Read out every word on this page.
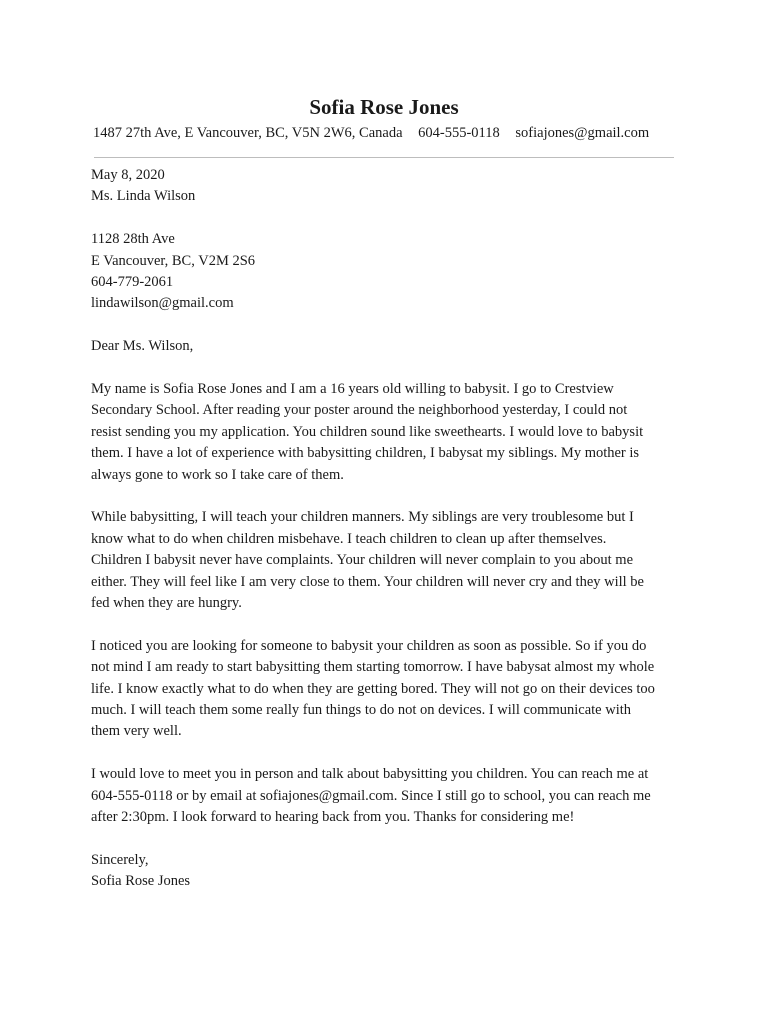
Sofia Rose Jones
1487 27th Ave, E Vancouver, BC, V5N 2W6, Canada 604-555-0118 sofiajones@gmail.com

May 8, 2020

Ms. Linda Wilson

1128 28th Ave

E Vancouver, BC, V2M 2S6

604-779-2061

lindawilson@gmail.com

Dear Ms. Wilson,

My name is Sofia Rose Jones and I am a 16 years old willing to babysit. I go to Crestview

Secondary School. After reading your poster around the neighborhood yesterday, I could not

resist sending you my application. You children sound like sweethearts. I would love to babysit

them. I have a lot of experience with babysitting children, I babysat my siblings. My mother is

always gone to work so I take care of them.

While babysitting, I will teach your children manners. My siblings are very troublesome but I

know what to do when children misbehave. I teach children to clean up after themselves.

Children I babysit never have complaints. Your children will never complain to you about me

either. They will feel like I am very close to them. Your children will never cry and they will be

fed when they are hungry.

I noticed you are looking for someone to babysit your children as soon as possible. So if you do

not mind I am ready to start babysitting them starting tomorrow. I have babysat almost my whole

life. I know exactly what to do when they are getting bored. They will not go on their devices too

much. I will teach them some really fun things to do not on devices. I will communicate with

them very well.

I would love to meet you in person and talk about babysitting you children. You can reach me at

604-555-0118 or by email at sofiajones@gmail.com. Since I still go to school, you can reach me

after 2:30pm. I look forward to hearing back from you. Thanks for considering me!

Sincerely,

Sofia Rose Jones
